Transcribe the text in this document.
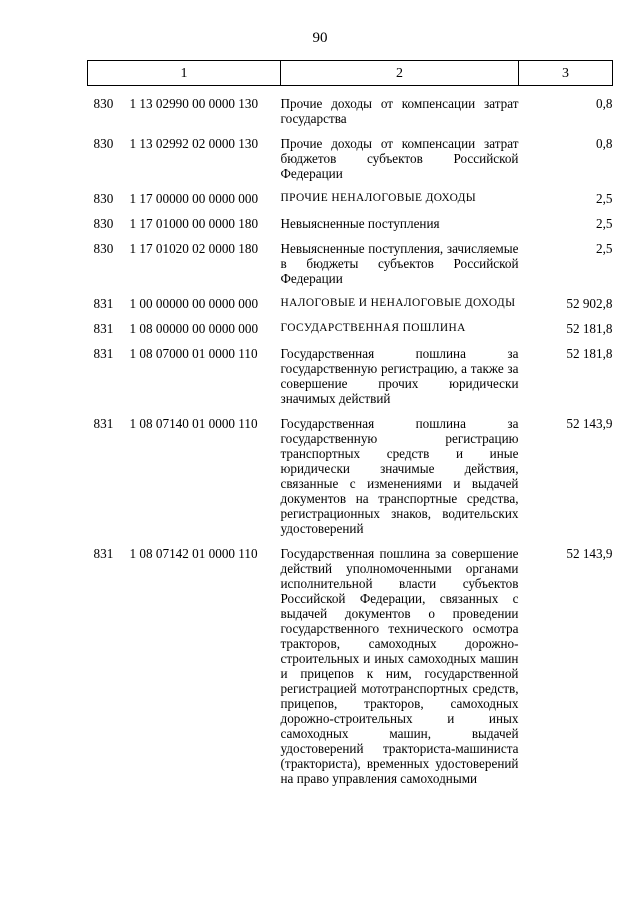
90
1	2	3

830 1 13 02990 00 0000 130	Прочие доходы от компенсации затрат государства	0,8

830 1 13 02992 02 0000 130	Прочие доходы от компенсации затрат бюджетов субъектов Российской Федерации	0,8

830 1 17 00000 00 0000 000	ПРОЧИЕ НЕНАЛОГОВЫЕ ДОХОДЫ	2,5

830 1 17 01000 00 0000 180	Невыясненные поступления	2,5

830 1 17 01020 02 0000 180	Невыясненные поступления, зачисляемые в бюджеты субъектов Российской Федерации	2,5

831 1 00 00000 00 0000 000	НАЛОГОВЫЕ И НЕНАЛОГОВЫЕ ДОХОДЫ	52 902,8

831 1 08 00000 00 0000 000	ГОСУДАРСТВЕННАЯ ПОШЛИНА	52 181,8

831 1 08 07000 01 0000 110	Государственная пошлина за государственную регистрацию, а также за совершение прочих юридически значимых действий	52 181,8

831 1 08 07140 01 0000 110	Государственная пошлина за государственную регистрацию транспортных средств и иные юридически значимые действия, связанные с изменениями и выдачей документов на транспортные средства, регистрационных знаков, водительских удостоверений	52 143,9

831 1 08 07142 01 0000 110	Государственная пошлина за совершение действий уполномоченными органами исполнительной власти субъектов Российской Федерации, связанных с выдачей документов о проведении государственного технического осмотра тракторов, самоходных дорожно-строительных и иных самоходных машин и прицепов к ним, государственной регистрацией мототранспортных средств, прицепов, тракторов, самоходных дорожно-строительных и иных самоходных машин, выдачей удостоверений тракториста-машиниста (тракториста), временных удостоверений на право управления самоходными	52 143,9
